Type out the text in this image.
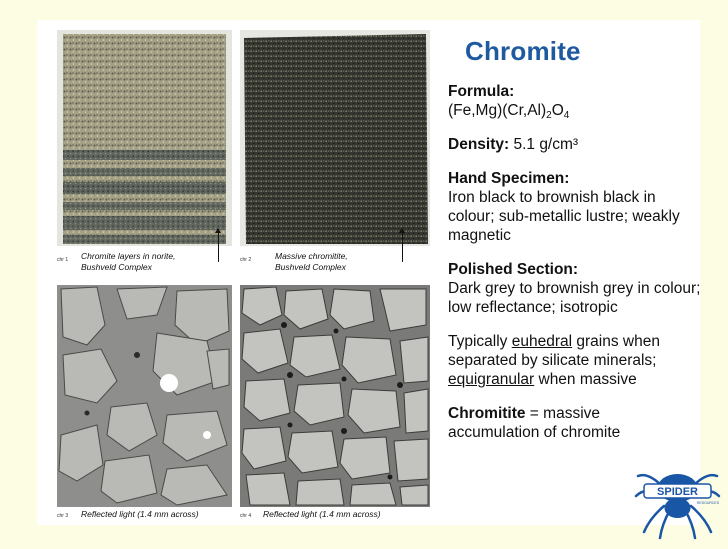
chr 1 Chromite layers in norite,
Bushveld Complex
chr 2	Massive chromitite,
Bushveld Complex
chr 3 Reflected light (1.4 mm across)	chr 4 Reflected light (1.4 mm across)
Chromite
Formula:
$(Fe,Mg)(Cr,Al)_2O_4$
Density: 5.1 g/cm³
Hand Specimen:
Iron black to brownish black in colour; sub-metallic lustre; weakly magnetic
Polished Section:
Dark grey to brownish grey in colour; low reflectance; isotropic
Typically euhedral grains when separated by silicate minerals; equigranular when massive
Chromitite = massive accumulation of chromite
SPIDER
RESOURCES
